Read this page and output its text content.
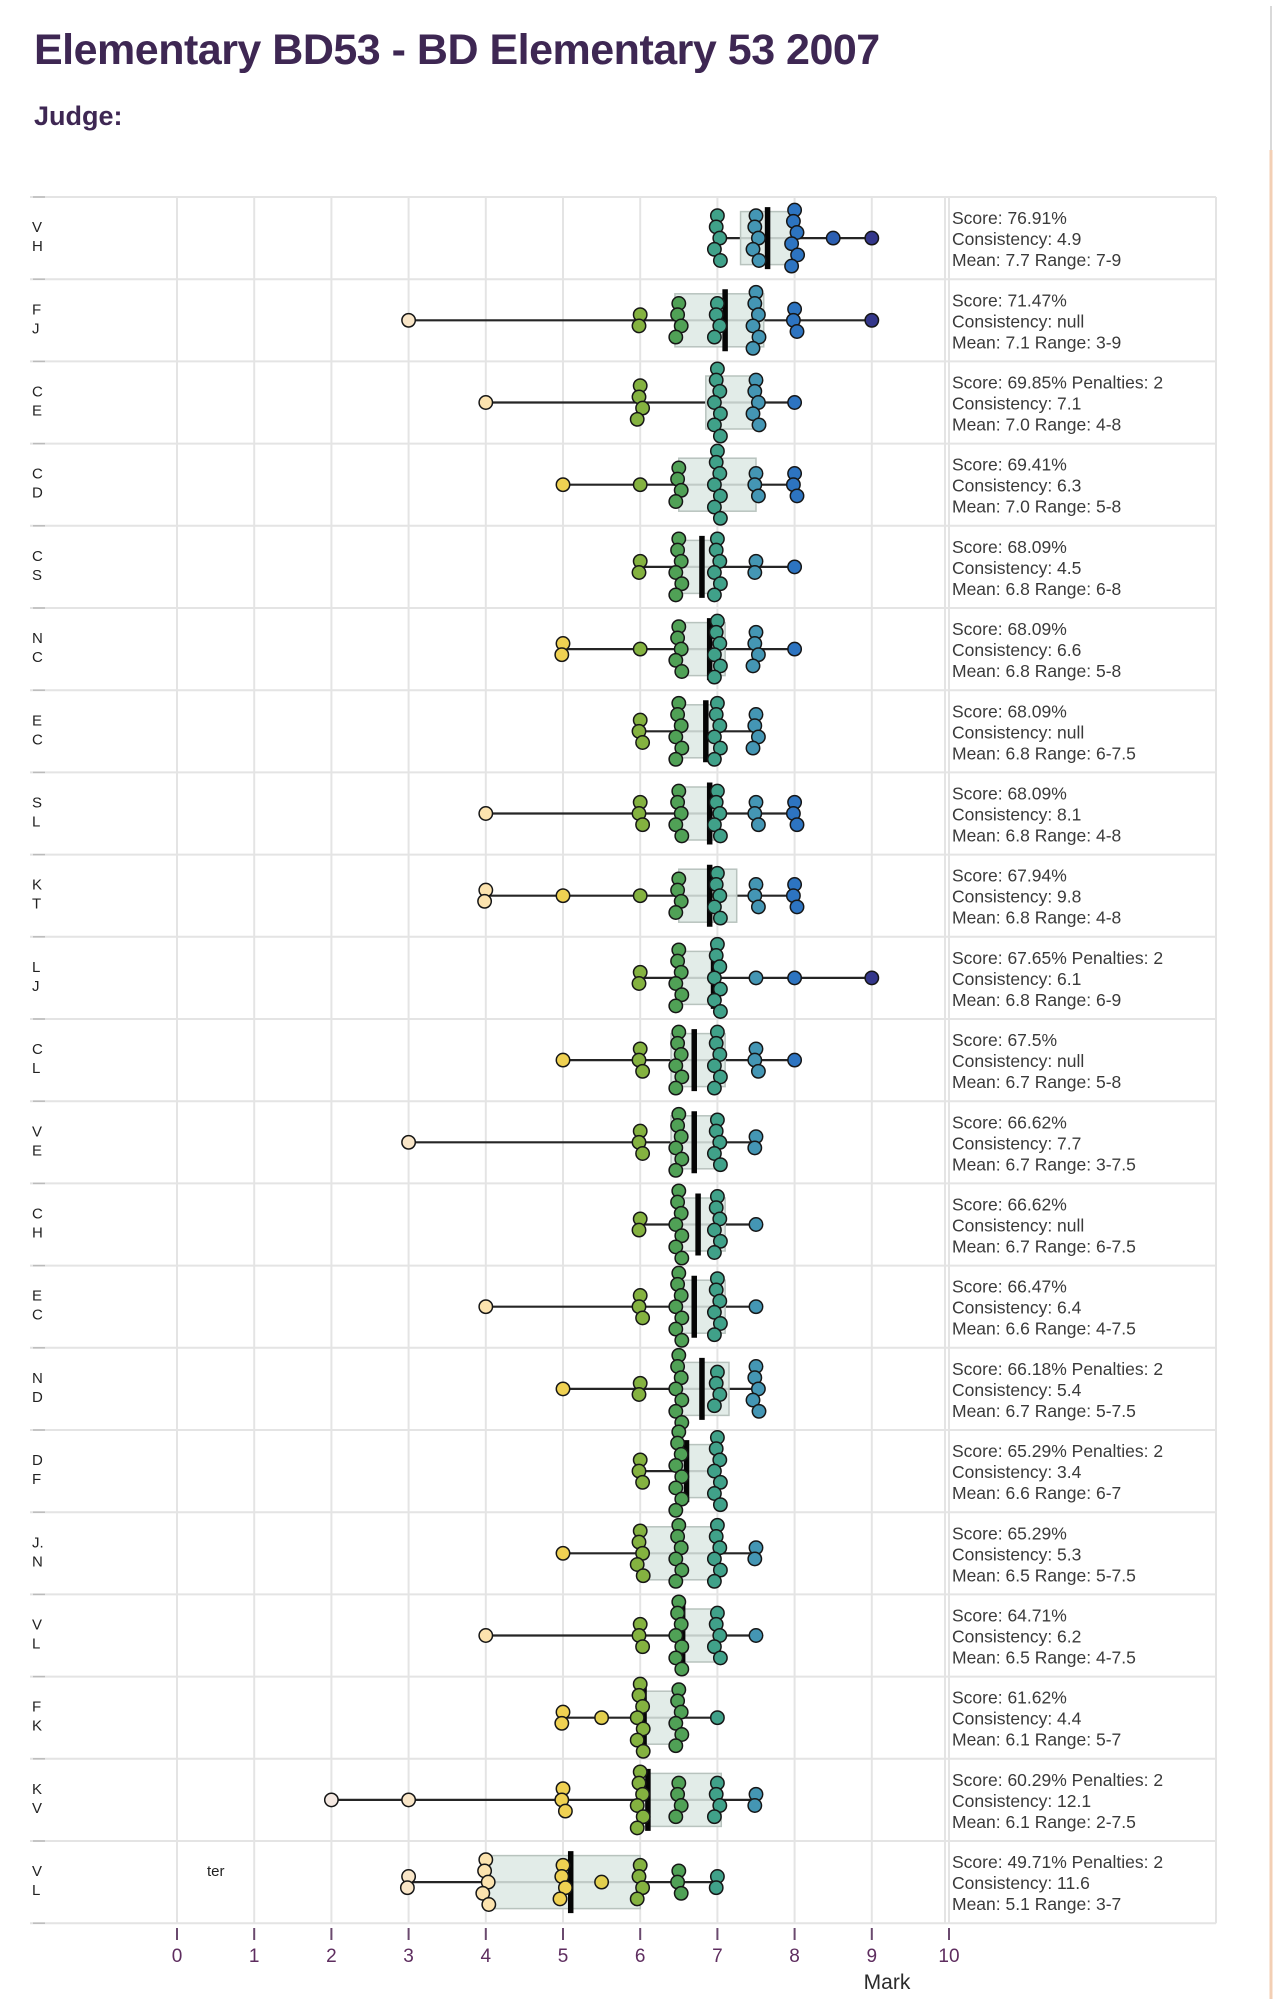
Elementary BD53 - BD Elementary 53 2007
Judge:
V
H
Score: 76.91%
Consistency: 4.9
Mean: 7.7 Range: 7-9
F
J
Score: 71.47%
Consistency: null
Mean: 7.1 Range: 3-9
C
E
Score: 69.85% Penalties: 2
Consistency: 7.1
Mean: 7.0 Range: 4-8
C
D
Score: 69.41%
Consistency: 6.3
Mean: 7.0 Range: 5-8
C
S
Score: 68.09%
Consistency: 4.5
Mean: 6.8 Range: 6-8
N
C
Score: 68.09%
Consistency: 6.6
Mean: 6.8 Range: 5-8
E
C
Score: 68.09%
Consistency: null
Mean: 6.8 Range: 6-7.5
S
L
Score: 68.09%
Consistency: 8.1
Mean: 6.8 Range: 4-8
K
T
Score: 67.94%
Consistency: 9.8
Mean: 6.8 Range: 4-8
L
J
Score: 67.65% Penalties: 2
Consistency: 6.1
Mean: 6.8 Range: 6-9
C
L
Score: 67.5%
Consistency: null
Mean: 6.7 Range: 5-8
V
E
Score: 66.62%
Consistency: 7.7
Mean: 6.7 Range: 3-7.5
C
H
Score: 66.62%
Consistency: null
Mean: 6.7 Range: 6-7.5
E
C
Score: 66.47%
Consistency: 6.4
Mean: 6.6 Range: 4-7.5
N
D
Score: 66.18% Penalties: 2
Consistency: 5.4
Mean: 6.7 Range: 5-7.5
D
F
Score: 65.29% Penalties: 2
Consistency: 3.4
Mean: 6.6 Range: 6-7
J.
N
Score: 65.29%
Consistency: 5.3
Mean: 6.5 Range: 5-7.5
V
L
Score: 64.71%
Consistency: 6.2
Mean: 6.5 Range: 4-7.5
F
K
Score: 61.62%
Consistency: 4.4
Mean: 6.1 Range: 5-7
K
V
Score: 60.29% Penalties: 2
Consistency: 12.1
Mean: 6.1 Range: 2-7.5
V
L
ter	Score: 49.71% Penalties: 2
Consistency: 11.6
Mean: 5.1 Range: 3-7
0	1	2	3	4	5	6	7	8	9	10
Mark
